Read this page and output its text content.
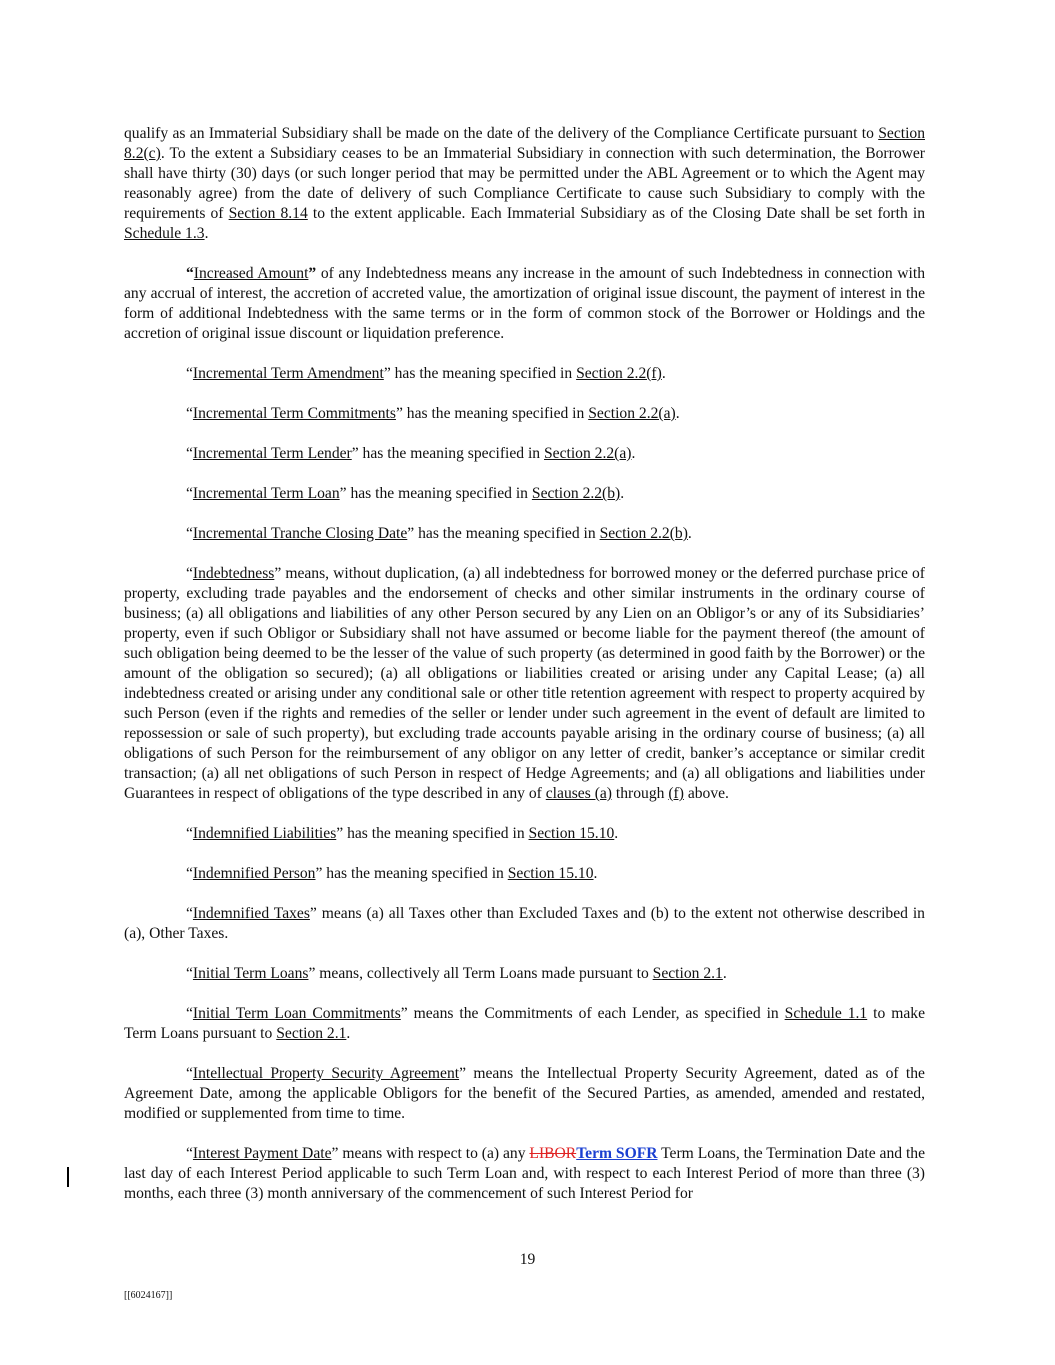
qualify as an Immaterial Subsidiary shall be made on the date of the delivery of the Compliance Certificate pursuant to Section 8.2(c). To the extent a Subsidiary ceases to be an Immaterial Subsidiary in connection with such determination, the Borrower shall have thirty (30) days (or such longer period that may be permitted under the ABL Agreement or to which the Agent may reasonably agree) from the date of delivery of such Compliance Certificate to cause such Subsidiary to comply with the requirements of Section 8.14 to the extent applicable. Each Immaterial Subsidiary as of the Closing Date shall be set forth in Schedule 1.3.

“Increased Amount” of any Indebtedness means any increase in the amount of such Indebtedness in connection with any accrual of interest, the accretion of accreted value, the amortization of original issue discount, the payment of interest in the form of additional Indebtedness with the same terms or in the form of common stock of the Borrower or Holdings and the accretion of original issue discount or liquidation preference.

“Incremental Term Amendment” has the meaning specified in Section 2.2(f).

“Incremental Term Commitments” has the meaning specified in Section 2.2(a).

“Incremental Term Lender” has the meaning specified in Section 2.2(a).

“Incremental Term Loan” has the meaning specified in Section 2.2(b).

“Incremental Tranche Closing Date” has the meaning specified in Section 2.2(b).

“Indebtedness” means, without duplication, (a) all indebtedness for borrowed money or the deferred purchase price of property, excluding trade payables and the endorsement of checks and other similar instruments in the ordinary course of business; (a) all obligations and liabilities of any other Person secured by any Lien on an Obligor’s or any of its Subsidiaries’ property, even if such Obligor or Subsidiary shall not have assumed or become liable for the payment thereof (the amount of such obligation being deemed to be the lesser of the value of such property (as determined in good faith by the Borrower) or the amount of the obligation so secured); (a) all obligations or liabilities created or arising under any Capital Lease; (a) all indebtedness created or arising under any conditional sale or other title retention agreement with respect to property acquired by such Person (even if the rights and remedies of the seller or lender under such agreement in the event of default are limited to repossession or sale of such property), but excluding trade accounts payable arising in the ordinary course of business; (a) all obligations of such Person for the reimbursement of any obligor on any letter of credit, banker’s acceptance or similar credit transaction; (a) all net obligations of such Person in respect of Hedge Agreements; and (a) all obligations and liabilities under Guarantees in respect of obligations of the type described in any of clauses (a) through (f) above.

“Indemnified Liabilities” has the meaning specified in Section 15.10.

“Indemnified Person” has the meaning specified in Section 15.10.

“Indemnified Taxes” means (a) all Taxes other than Excluded Taxes and (b) to the extent not otherwise described in (a), Other Taxes.

“Initial Term Loans” means, collectively all Term Loans made pursuant to Section 2.1.

“Initial Term Loan Commitments” means the Commitments of each Lender, as specified in Schedule 1.1 to make Term Loans pursuant to Section 2.1.

“Intellectual Property Security Agreement” means the Intellectual Property Security Agreement, dated as of the Agreement Date, among the applicable Obligors for the benefit of the Secured Parties, as amended, amended and restated, modified or supplemented from time to time.

“Interest Payment Date” means with respect to (a) any LIBORTerm SOFR Term Loans, the Termination Date and the last day of each Interest Period applicable to such Term Loan and, with respect to each Interest Period of more than three (3) months, each three (3) month anniversary of the commencement of such Interest Period for

19
[[6024167]]
